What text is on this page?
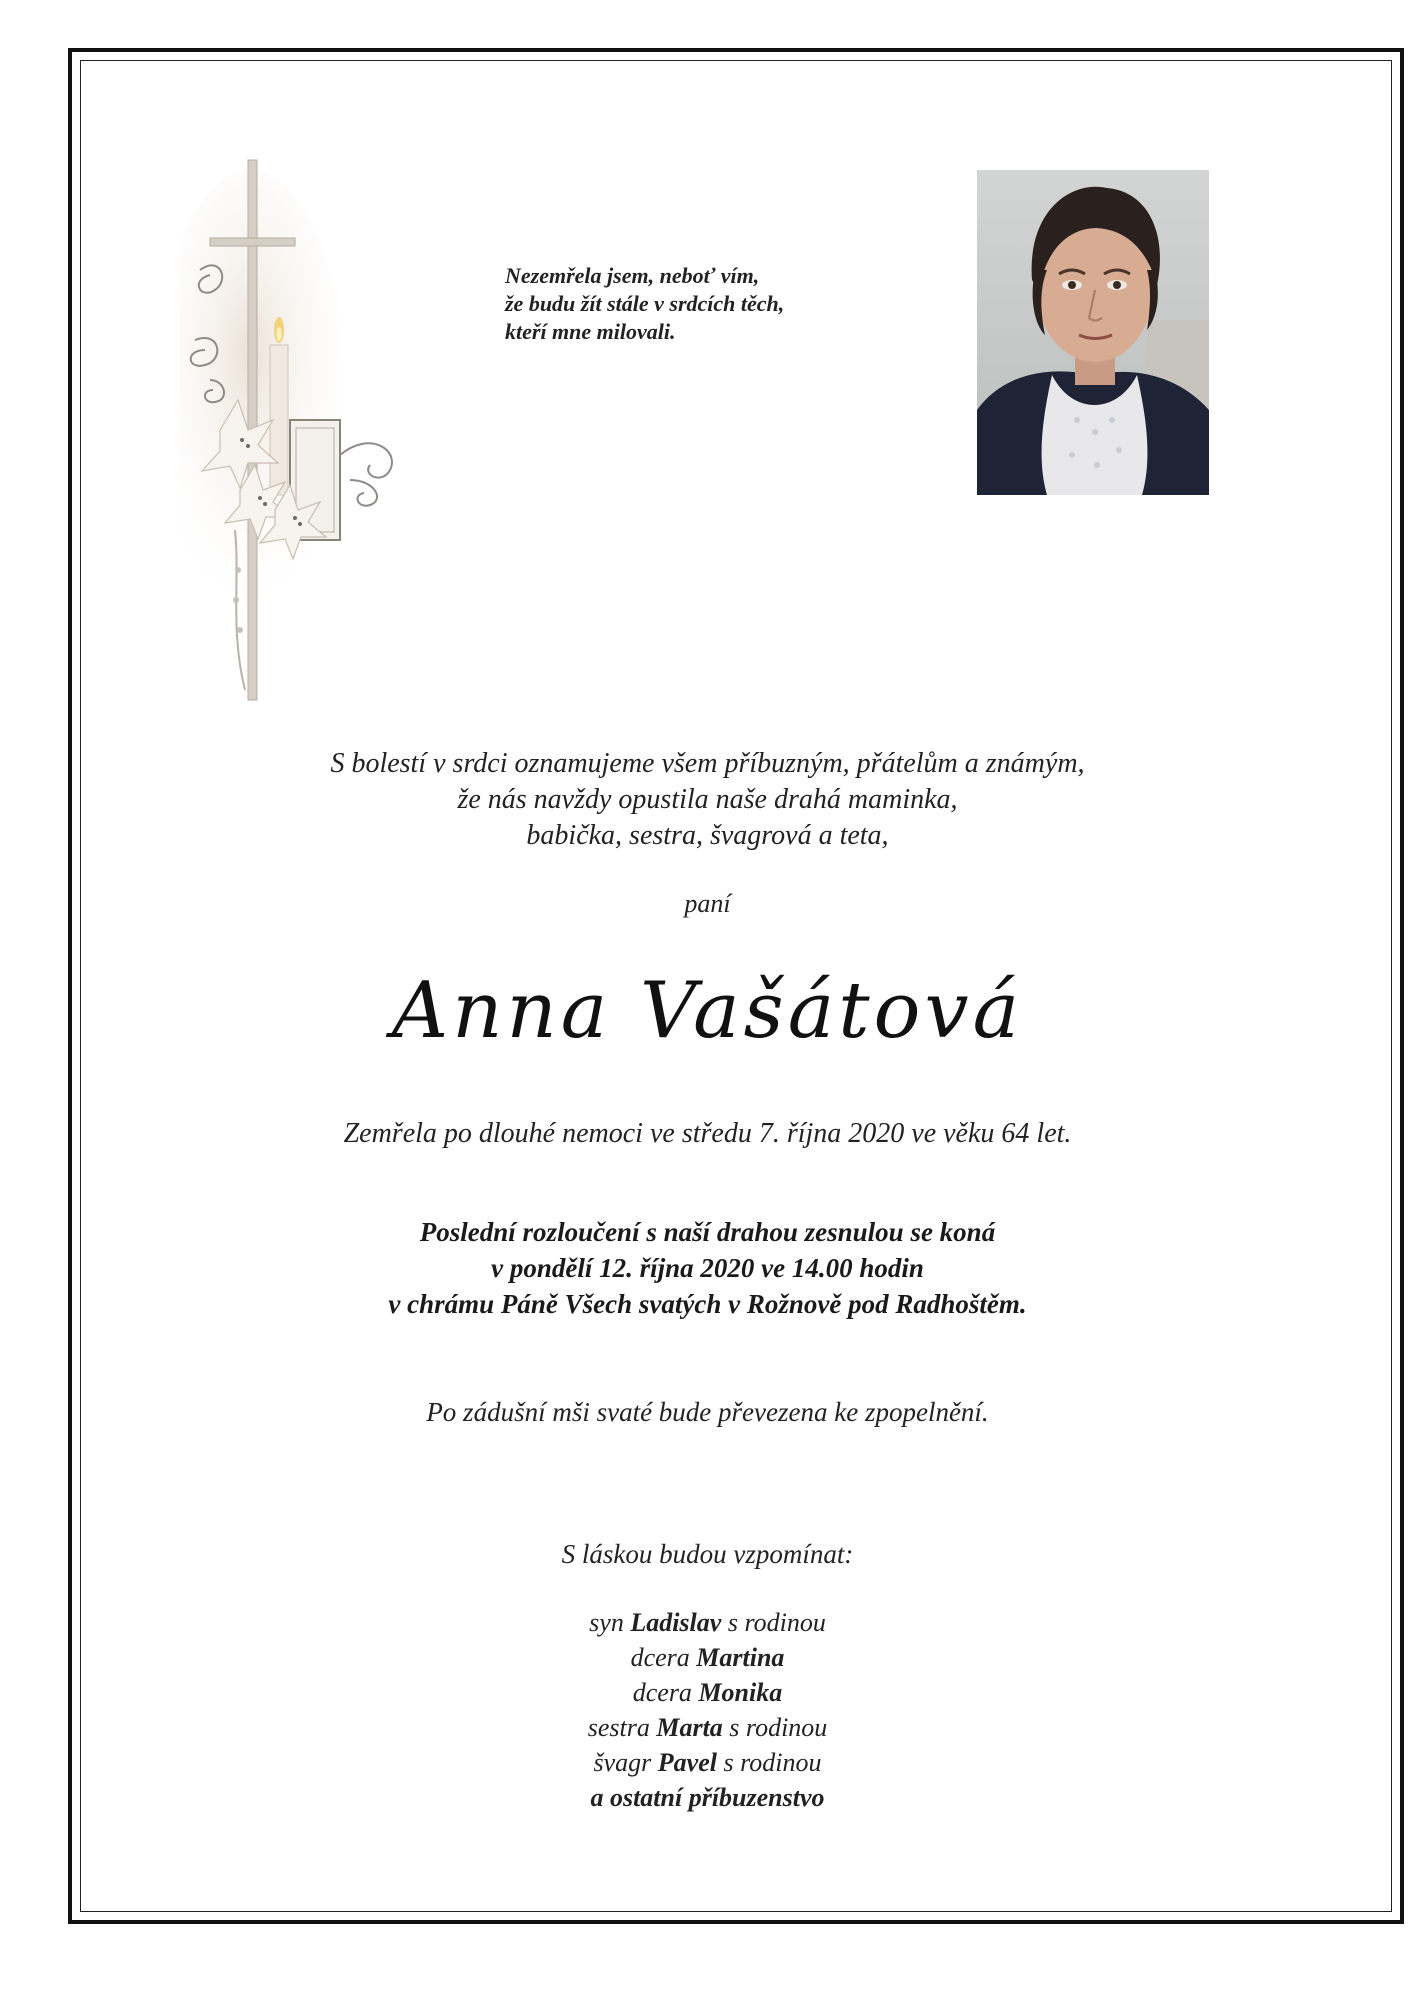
Nezemřela jsem, neboť vím,
že budu žít stále v srdcích těch,
kteří mne milovali.
S bolestí v srdci oznamujeme všem příbuzným, přátelům a známým,
že nás navždy opustila naše drahá maminka,
babička, sestra, švagrová a teta,
paní
Anna Vašátová
Zemřela po dlouhé nemoci ve středu 7. října 2020 ve věku 64 let.
Poslední rozloučení s naší drahou zesnulou se koná
v pondělí 12. října 2020 ve 14.00 hodin
v chrámu Páně Všech svatých v Rožnově pod Radhoštěm.
Po zádušní mši svaté bude převezena ke zpopelnění.
S láskou budou vzpomínat:
syn Ladislav s rodinou
dcera Martina
dcera Monika
sestra Marta s rodinou
švagr Pavel s rodinou
a ostatní příbuzenstvo
